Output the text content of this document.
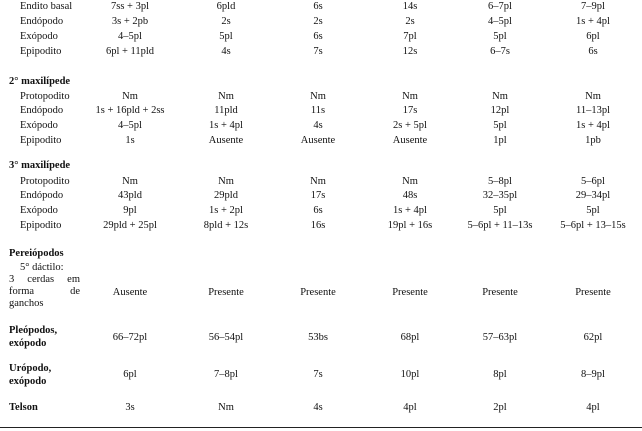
Endito basal	7ss + 3pl	6pld	6s	14s	6–7pl	7–9pl
Endópodo	3s + 2pb	2s	2s	2s	4–5pl	1s + 4pl
Exópodo	4–5pl	5pl	6s	7pl	5pl	6pl
Epipodito	6pl + 11pld	4s	7s	12s	6–7s	6s
2° maxilípede
Protopodito	Nm	Nm	Nm	Nm	Nm	Nm
Endópodo	1s + 16pld + 2ss	11pld	11s	17s	12pl	11–13pl
Exópodo	4–5pl	1s + 4pl	4s	2s + 5pl	5pl	1s + 4pl
Epipodito	1s	Ausente	Ausente	Ausente	1pl	1pb
3° maxilípede
Protopodito	Nm	Nm	Nm	Nm	5–8pl	5–6pl
Endópodo	43pld	29pld	17s	48s	32–35pl	29–34pl
Exópodo	9pl	1s + 2pl	6s	1s + 4pl	5pl	5pl
Epipodito	29pld + 25pl	8pld + 12s	16s	19pl + 16s	5–6pl + 11–13s	5–6pl + 13–15s
Pereiópodos
5° dáctilo:
3 cerdas em
forma	de
ganchos
Ausente	Presente	Presente	Presente	Presente	Presente
Pleópodos,
exópodo
66–72pl	56–54pl	53bs	68pl	57–63pl	62pl
Urópodo,
exópodo
6pl	7–8pl	7s	10pl	8pl	8–9pl
Telson	3s	Nm	4s	4pl	2pl	4pl
